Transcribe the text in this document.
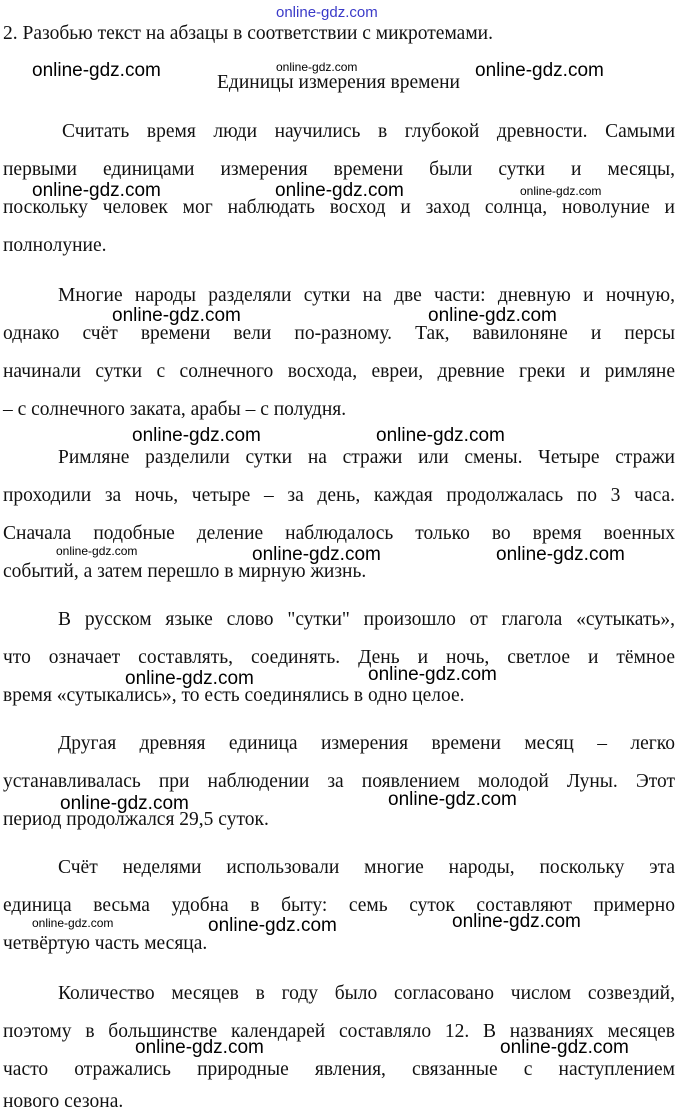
online-gdz.com
online-gdz.com
online-gdz.com	online-gdz.com
online-gdz.com	online-gdz.com	online-gdz.com
online-gdz.com	online-gdz.com
online-gdz.com	online-gdz.com
online-gdz.com	online-gdz.com	online-gdz.com
online-gdz.com	online-gdz.com
online-gdz.com	online-gdz.com
online-gdz.com	online-gdz.com	online-gdz.com
online-gdz.com	online-gdz.com
2. Разобью текст на абзацы в соответствии с микротемами.
Единицы измерения времени
Считать время люди научились в глубокой древности. Самыми
первыми единицами измерения времени были сутки и месяцы,
поскольку человек мог наблюдать восход и заход солнца, новолуние и
полнолуние.
Многие народы разделяли сутки на две части: дневную и ночную,
однако счёт времени вели по-разному. Так, вавилоняне и персы
начинали сутки с солнечного восхода, евреи, древние греки и римляне
– с солнечного заката, арабы – с полудня.
Римляне разделили сутки на стражи или смены. Четыре стражи
проходили за ночь, четыре – за день, каждая продолжалась по 3 часа.
Сначала подобные деление наблюдалось только во время военных
событий, а затем перешло в мирную жизнь.
В русском языке слово "сутки" произошло от глагола «сутыкать»,
что означает составлять, соединять. День и ночь, светлое и тёмное
время «сутыкались», то есть соединялись в одно целое.
Другая древняя единица измерения времени месяц – легко
устанавливалась при наблюдении за появлением молодой Луны. Этот
период продолжался 29,5 суток.
Счёт неделями использовали многие народы, поскольку эта
единица весьма удобна в быту: семь суток составляют примерно
четвёртую часть месяца.
Количество месяцев в году было согласовано числом созвездий,
поэтому в большинстве календарей составляло 12. В названиях месяцев
часто отражались природные явления, связанные с наступлением
нового сезона.
